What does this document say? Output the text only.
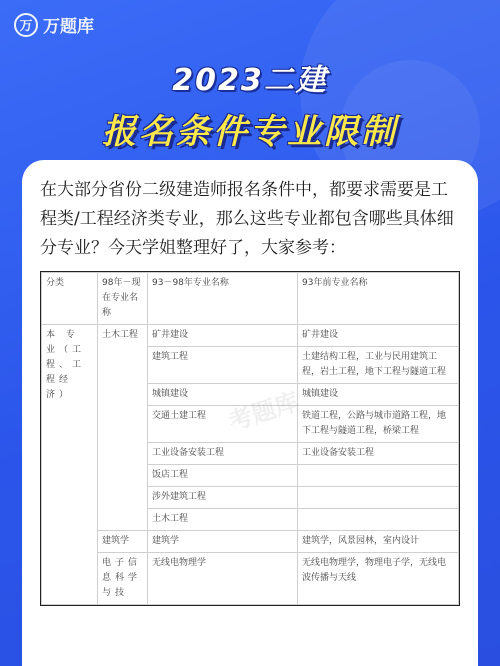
万 万题库
2023二建
报名条件专业限制

在大部分省份二级建造师报名条件中，都要求需要是工程类/工程经济类专业，那么这些专业都包含哪些具体细分专业？今天学姐整理好了，大家参考：

考题库
分类	98年－现在专业名称	93－98年专业名称	93年前专业名称
本 专 业（工程、工程经济）	土木工程	矿井建设	矿井建设
		建筑工程	土建结构工程，工业与民用建筑工程，岩土工程，地下工程与隧道工程
		城镇建设	城镇建设
		交通土建工程	铁道工程，公路与城市道路工程，地下工程与隧道工程，桥梁工程
		工业设备安装工程	工业设备安装工程
		饭店工程	
		涉外建筑工程	
		土木工程	
	建筑学	建筑学	建筑学，风景园林，室内设计
	电子信息科学与技	无线电物理学	无线电物理学，物理电子学，无线电波传播与天线
